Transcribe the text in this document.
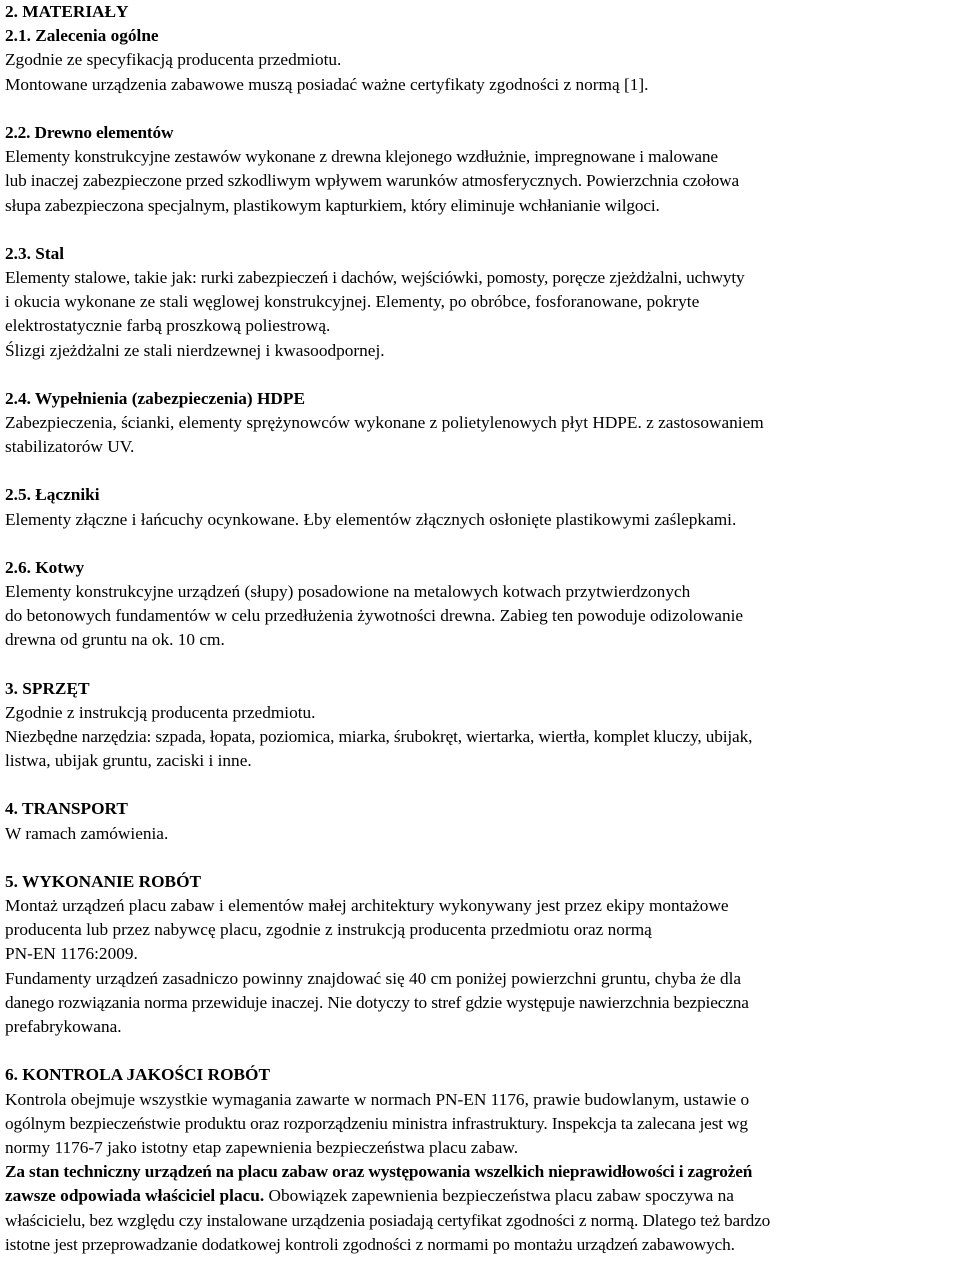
2. MATERIAŁY
2.1. Zalecenia ogólne
Zgodnie ze specyfikacją producenta przedmiotu.
Montowane urządzenia zabawowe muszą posiadać ważne certyfikaty zgodności z normą [1].
2.2. Drewno elementów
Elementy konstrukcyjne zestawów wykonane z drewna klejonego wzdłużnie, impregnowane i malowane
lub inaczej zabezpieczone przed szkodliwym wpływem warunków atmosferycznych. Powierzchnia czołowa
słupa zabezpieczona specjalnym, plastikowym kapturkiem, który eliminuje wchłanianie wilgoci.
2.3. Stal
Elementy stalowe, takie jak: rurki zabezpieczeń i dachów, wejściówki, pomosty, poręcze zjeżdżalni, uchwyty
i okucia wykonane ze stali węglowej konstrukcyjnej. Elementy, po obróbce, fosforanowane, pokryte
elektrostatycznie farbą proszkową poliestrową.
Ślizgi zjeżdżalni ze stali nierdzewnej i kwasoodpornej.
2.4. Wypełnienia (zabezpieczenia) HDPE
Zabezpieczenia, ścianki, elementy sprężynowców wykonane z polietylenowych płyt HDPE. z zastosowaniem
stabilizatorów UV.
2.5. Łączniki
Elementy złączne i łańcuchy ocynkowane. Łby elementów złącznych osłonięte plastikowymi zaślepkami.
2.6. Kotwy
Elementy konstrukcyjne urządzeń (słupy) posadowione na metalowych kotwach przytwierdzonych
do betonowych fundamentów w celu przedłużenia żywotności drewna. Zabieg ten powoduje odizolowanie
drewna od gruntu na ok. 10 cm.
3. SPRZĘT
Zgodnie z instrukcją producenta przedmiotu.
Niezbędne narzędzia: szpada, łopata, poziomica, miarka, śrubokręt, wiertarka, wiertła, komplet kluczy, ubijak,
listwa, ubijak gruntu, zaciski i inne.
4. TRANSPORT
W ramach zamówienia.
5. WYKONANIE ROBÓT
Montaż urządzeń placu zabaw i elementów małej architektury wykonywany jest przez ekipy montażowe
producenta lub przez nabywcę placu, zgodnie z instrukcją producenta przedmiotu oraz normą
PN-EN 1176:2009.
Fundamenty urządzeń zasadniczo powinny znajdować się 40 cm poniżej powierzchni gruntu, chyba że dla
danego rozwiązania norma przewiduje inaczej. Nie dotyczy to stref gdzie występuje nawierzchnia bezpieczna
prefabrykowana.
6. KONTROLA JAKOŚCI ROBÓT
Kontrola obejmuje wszystkie wymagania zawarte w normach PN-EN 1176, prawie budowlanym, ustawie o
ogólnym bezpieczeństwie produktu oraz rozporządzeniu ministra infrastruktury. Inspekcja ta zalecana jest wg
normy 1176-7 jako istotny etap zapewnienia bezpieczeństwa placu zabaw.
Za stan techniczny urządzeń na placu zabaw oraz występowania wszelkich nieprawidłowości i zagrożeń
zawsze odpowiada właściciel placu. Obowiązek zapewnienia bezpieczeństwa placu zabaw spoczywa na
właścicielu, bez względu czy instalowane urządzenia posiadają certyfikat zgodności z normą. Dlatego też bardzo
istotne jest przeprowadzanie dodatkowej kontroli zgodności z normami po montażu urządzeń zabawowych.
